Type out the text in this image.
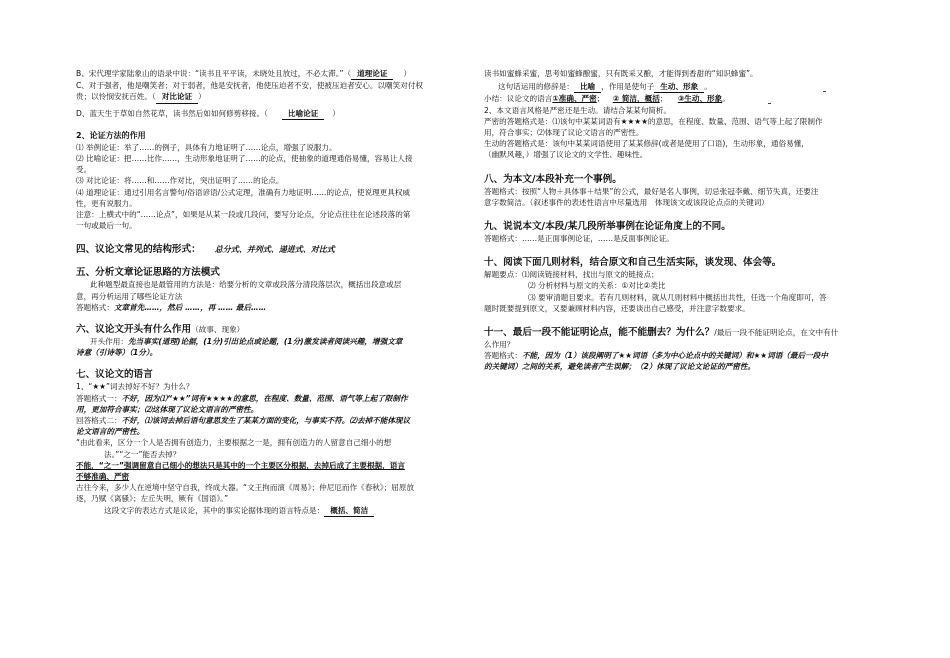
B、宋代理学家陆象山的语录中说：“读书且平平读，未晓处且放过，不必太滞。”（ 道理论证 ）
C、对于强者，他是嘲笑者；对于弱者，他是安抚者，他使压迫者不安，使被压迫者安心。以嘲笑对付权
贵；以怜悯安抚百姓。（ 对比论证 ）
D、蓝天生于草如自然花草，读书然后如如何修剪移接。（	比喻论证 ）
2、论证方法的作用
⑴ 举例论证：举了……的例子，具体有力地证明了……论点，增强了说服力。
⑵ 比喻论证：把……比作……，生动形象地证明了……的论点，使抽象的道理通俗易懂，容易让人接
受。
⑶ 对比论证：将……和……作对比，突出证明了……的论点。
⑷ 道理论证：通过引用名言警句/俗语谚语/公式定理，准确有力地证明……的论点，使说理更具权威
性，更有说服力。
注意：上横式中的“……论点”，如果是从某一段或几段问，要写分论点，分论点往往在论述段落的第
一句或最后一句。
四、议论文常见的结构形式： 总分式、并列式、递进式、对比式
五、分析文章论证思路的方法模式
此种题型最直接也是最管用的方法是：给要分析的文章或段落分清段落层次，概括出段意或层
意，再分析运用了哪些论证方法
答题格式：文章首先……，然后 ……，再 …… 最后……
六、议论文开头有什么作用（故事、现象）
开头作用：先当事实(道理)论据，(1分)引出论点或论题，(1分)激发读者阅读兴趣，增强文章
诗意（引诗等）（1分）。
七、议论文的语言
1、“★★”词去掉好不好？为什么？
答题格式一：不好，因为⑴“★★”词有★★★★的意思，在程度、数量、范围、语气等上起了限制作
用，更加符合事实；⑵这体现了议论文语言的严密性。
回答格式二：不好，⑴该词去掉后语句意思发生了某某方面的变化，与事实不符。⑵去掉不能体现议
论文语言的严密性。
“由此看来，区分一个人是否拥有创造力，主要根据之一是，拥有创造力的人留意自己细小的想
法。”“之一”能否去掉？
不能，“之一”强调留意自己细小的想法只是其中的一个主要区分根据，去掉后成了主要根据，语言
不够准确、严密
古往今来，多少人在逆境中坚守自我，终成大器。“文王拘而演《周易》；仲尼厄而作《春秋》；屈原放
逐，乃赋《离骚》；左丘失明，厥有《国语》。”
这段文字的表达方式是议论，其中的事实论据体现的语言特点是： 概括、简洁
读书如蜜蜂采蜜，思考如蜜蜂酿蜜，只有既采又酿，才能得到香甜的“知识蜂蜜”。
这句话运用的修辞是： 比喻 ，作用是使句子 生动、形象 。
小结：议论文的语言①准确、严密； ② 简洁，概括； ③生动、形象。
2、本文语言风格是严密还是生动。请结合某某句简析。
严密的答题格式是：⑴该句中某某词语有★★★★的意思，在程度、数量、范围、语气等上起了限制作
用，符合事实；⑵体现了议论文语言的严密性。
生动的答题格式是：该句中某某词语使用了某某修辞(或者是使用了口语)，生动形象，通俗易懂，
（幽默风趣，）增强了议论文的文学性、趣味性。
八、为本文/本段补充一个事例。
答题格式：按照“人物＋具体事＋结果”的公式，最好是名人事例，切忌张冠李戴、细节失真，还要注
意字数简洁。（叙述事件的表述性语言中尽量选用　体现该文或该段论点点的关键词）
九、说说本文/本段/某几段所举事例在论证角度上的不同。
答题格式：……是正面事例论证，……是反面事例论证。
十、阅读下面几则材料，结合原文和自己生活实际，谈发现、体会等。
解题要点：⑴阅读链接材料，找出与原文的链接点；
⑵ 分析材料与原文的关系：①对比②类比
⑶ 要审清题目要求。若有几则材料，就从几则材料中概括出共性，任选一个角度即可，答
题时既要提到原文，又要兼顾材料内容，还要谈出自己感受，并注意字数要求。
十一、最后一段不能证明论点，能不能删去？为什么？/最后一段不能证明论点，在文中有什
么作用？
答题格式：不能，因为（1）该段阐明了★★词语（多为中心论点中的关键词）和★★词语（最后一段中
的关键词）之间的关系，避免读者产生误解；（2）体现了议论文论证的严密性。
